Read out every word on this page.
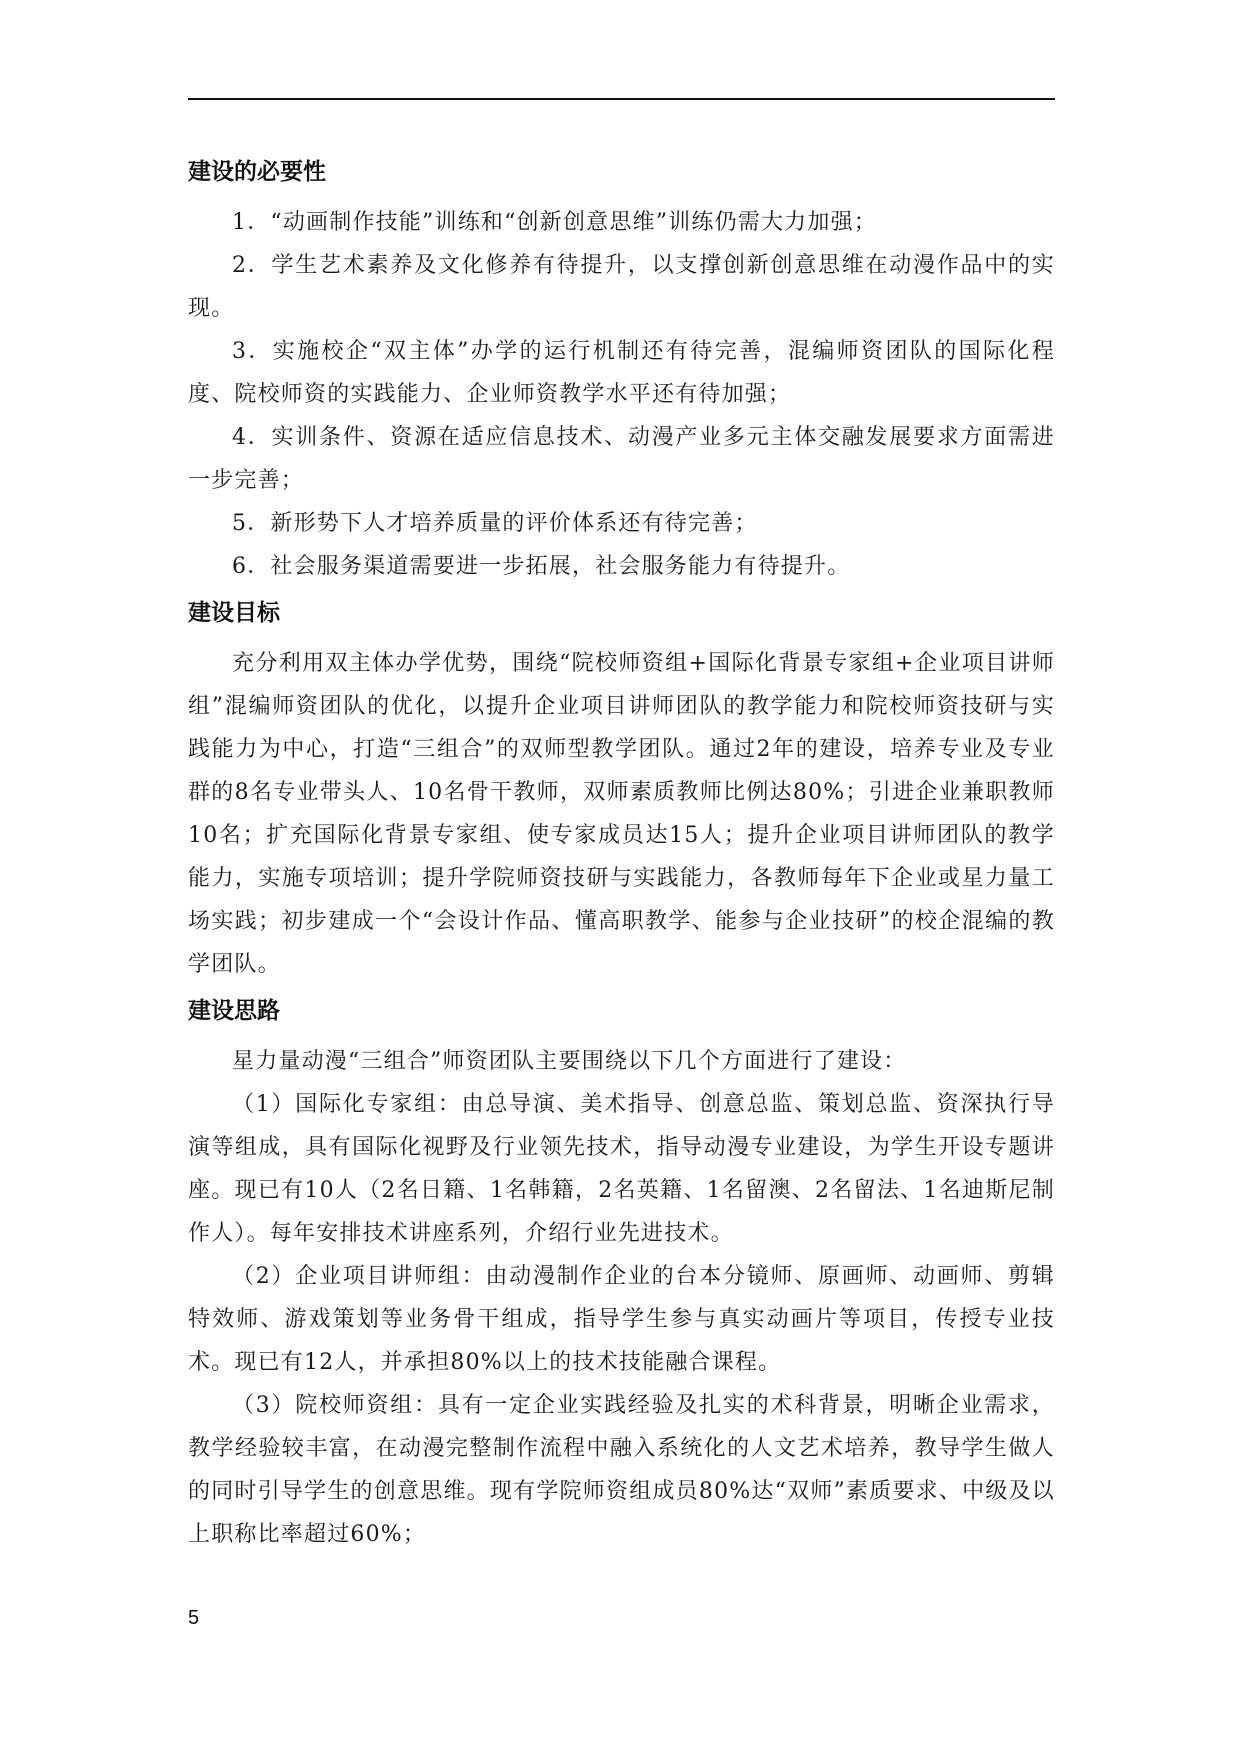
建设的必要性

1．“动画制作技能”训练和“创新创意思维”训练仍需大力加强；

2．学生艺术素养及文化修养有待提升，以支撑创新创意思维在动漫作品中的实现。

3．实施校企“双主体”办学的运行机制还有待完善，混编师资团队的国际化程度、院校师资的实践能力、企业师资教学水平还有待加强；

4．实训条件、资源在适应信息技术、动漫产业多元主体交融发展要求方面需进一步完善；

5．新形势下人才培养质量的评价体系还有待完善；

6．社会服务渠道需要进一步拓展，社会服务能力有待提升。

建设目标

充分利用双主体办学优势，围绕“院校师资组+国际化背景专家组+企业项目讲师组”混编师资团队的优化，以提升企业项目讲师团队的教学能力和院校师资技研与实践能力为中心，打造“三组合”的双师型教学团队。通过2年的建设，培养专业及专业群的8名专业带头人、10名骨干教师，双师素质教师比例达80%；引进企业兼职教师10名；扩充国际化背景专家组、使专家成员达15人；提升企业项目讲师团队的教学能力，实施专项培训；提升学院师资技研与实践能力，各教师每年下企业或星力量工场实践；初步建成一个“会设计作品、懂高职教学、能参与企业技研”的校企混编的教学团队。

建设思路

星力量动漫“三组合”师资团队主要围绕以下几个方面进行了建设：

（1）国际化专家组：由总导演、美术指导、创意总监、策划总监、资深执行导演等组成，具有国际化视野及行业领先技术，指导动漫专业建设，为学生开设专题讲座。现已有10人（2名日籍、1名韩籍，2名英籍、1名留澳、2名留法、1名迪斯尼制作人）。每年安排技术讲座系列，介绍行业先进技术。

（2）企业项目讲师组：由动漫制作企业的台本分镜师、原画师、动画师、剪辑特效师、游戏策划等业务骨干组成，指导学生参与真实动画片等项目，传授专业技术。现已有12人，并承担80%以上的技术技能融合课程。

（3）院校师资组：具有一定企业实践经验及扎实的术科背景，明晰企业需求，教学经验较丰富，在动漫完整制作流程中融入系统化的人文艺术培养，教导学生做人的同时引导学生的创意思维。现有学院师资组成员80%达“双师”素质要求、中级及以上职称比率超过60%；

5
